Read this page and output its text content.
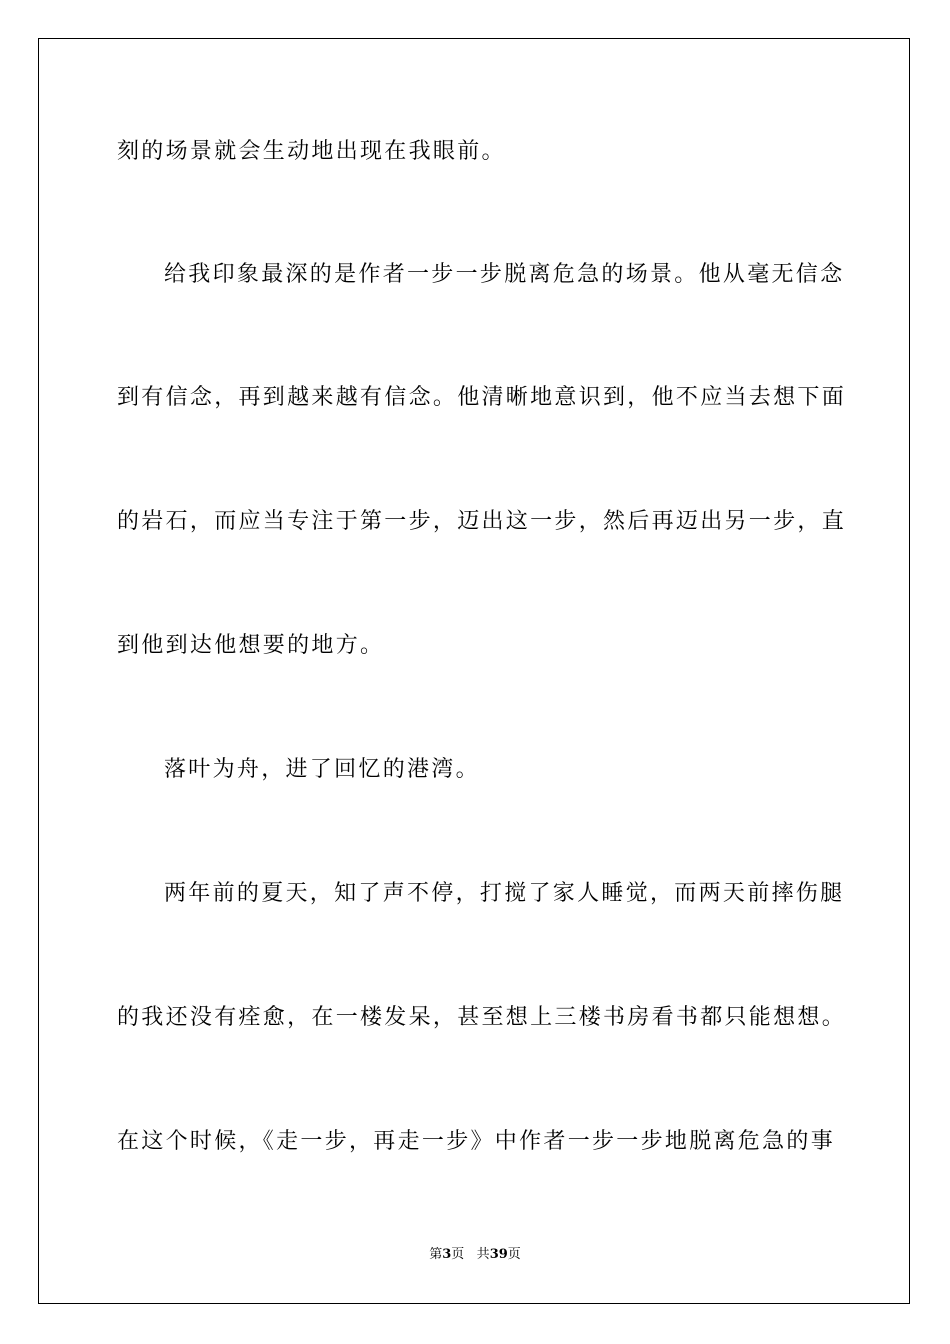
刻的场景就会生动地出现在我眼前。
给我印象最深的是作者一步一步脱离危急的场景。他从毫无信念
到有信念，再到越来越有信念。他清晰地意识到，他不应当去想下面
的岩石，而应当专注于第一步，迈出这一步，然后再迈出另一步，直
到他到达他想要的地方。
落叶为舟，进了回忆的港湾。
两年前的夏天，知了声不停，打搅了家人睡觉，而两天前摔伤腿
的我还没有痊愈，在一楼发呆，甚至想上三楼书房看书都只能想想。
在这个时候，《走一步，再走一步》中作者一步一步地脱离危急的事
第3页 共39页
